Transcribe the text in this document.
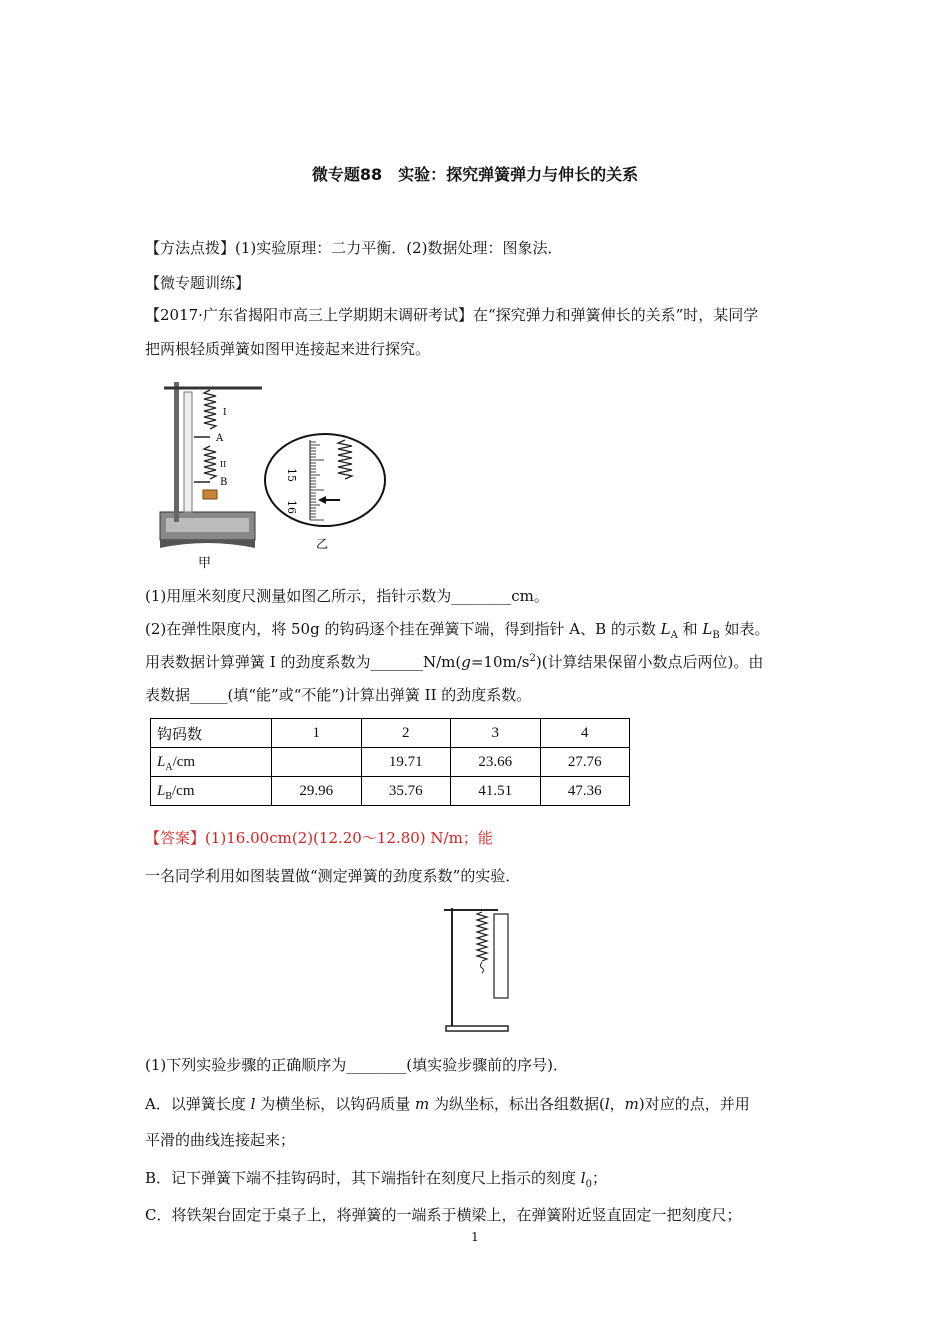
微专题88　实验：探究弹簧弹力与伸长的关系
【方法点拨】(1)实验原理：二力平衡．(2)数据处理：图象法．
【微专题训练】
【2017·广东省揭阳市高三上学期期末调研考试】在“探究弹力和弹簧伸长的关系”时，某同学
把两根轻质弹簧如图甲连接起来进行探究。
I
A
II
B
甲
15
16
乙
(1)用厘米刻度尺测量如图乙所示，指针示数为________cm。
(2)在弹性限度内，将 50g 的钩码逐个挂在弹簧下端，得到指针 A、B 的示数 $L_A$ 和 $L_B$ 如表。
用表数据计算弹簧 I 的劲度系数为$\_\_\_\_\_\_\_N/m(g=10m/s^2)$(计算结果保留小数点后两位)。由
表数据_____(填“能”或“不能”)计算出弹簧 II 的劲度系数。
钩码数	1	2	3	4
$L_A/cm$		19.71	23.66	27.76
$L_B/cm$	29.96	35.76	41.51	47.36
【答案】(1)16.00cm(2)(12.20～12.80) N/m；能
一名同学利用如图装置做“测定弹簧的劲度系数”的实验．
(1)下列实验步骤的正确顺序为________(填实验步骤前的序号)．
A．以弹簧长度 l 为横坐标，以钩码质量 m 为纵坐标，标出各组数据(l，m)对应的点，并用
平滑的曲线连接起来；
B．记下弹簧下端不挂钩码时，其下端指针在刻度尺上指示的刻度 $l_0$；
C．将铁架台固定于桌子上，将弹簧的一端系于横梁上，在弹簧附近竖直固定一把刻度尺；
1
